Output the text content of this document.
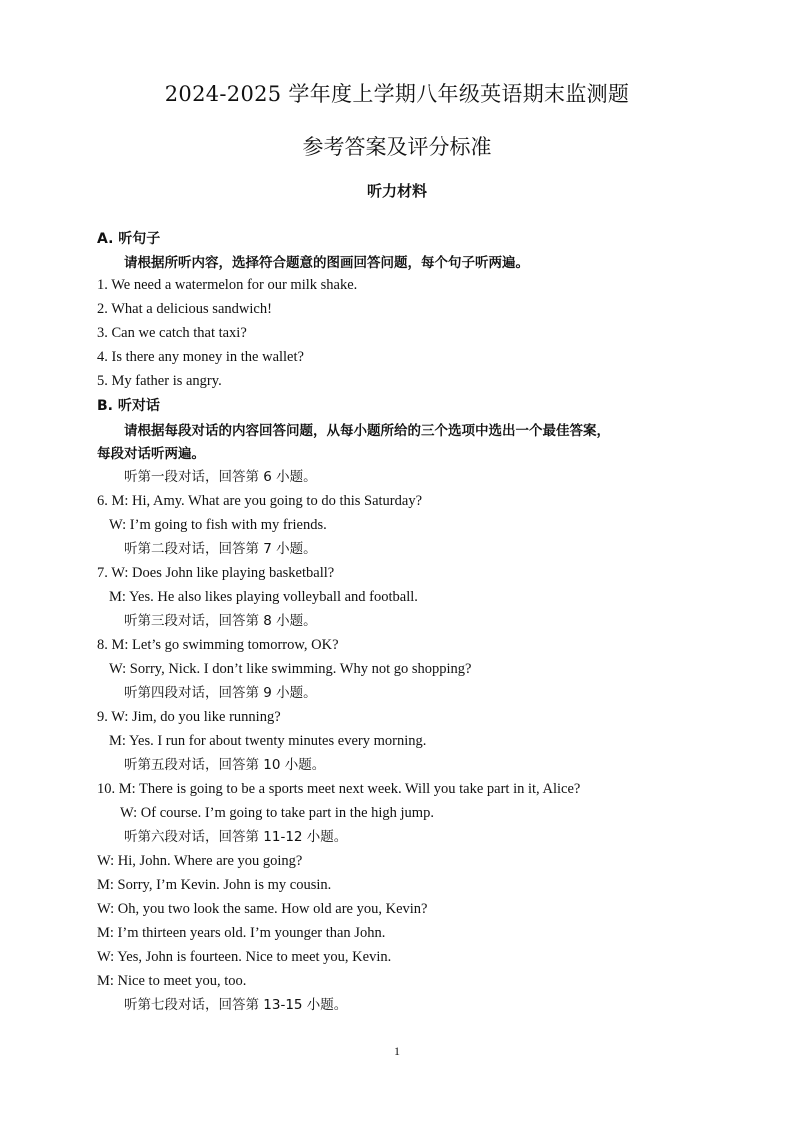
2024-2025 学年度上学期八年级英语期末监测题
参考答案及评分标准
听力材料
A. 听句子
请根据所听内容，选择符合题意的图画回答问题，每个句子听两遍。
1. We need a watermelon for our milk shake.
2. What a delicious sandwich!
3. Can we catch that taxi?
4. Is there any money in the wallet?
5. My father is angry.
B. 听对话
请根据每段对话的内容回答问题，从每小题所给的三个选项中选出一个最佳答案，
每段对话听两遍。
听第一段对话，回答第 6 小题。
6. M: Hi, Amy. What are you going to do this Saturday?
W: I’m going to fish with my friends.
听第二段对话，回答第 7 小题。
7. W: Does John like playing basketball?
M: Yes. He also likes playing volleyball and football.
听第三段对话，回答第 8 小题。
8. M: Let’s go swimming tomorrow, OK?
W: Sorry, Nick. I don’t like swimming. Why not go shopping?
听第四段对话，回答第 9 小题。
9. W: Jim, do you like running?
M: Yes. I run for about twenty minutes every morning.
听第五段对话，回答第 10 小题。
10. M: There is going to be a sports meet next week. Will you take part in it, Alice?
W: Of course. I’m going to take part in the high jump.
听第六段对话，回答第 11-12 小题。
W: Hi, John. Where are you going?
M: Sorry, I’m Kevin. John is my cousin.
W: Oh, you two look the same. How old are you, Kevin?
M: I’m thirteen years old. I’m younger than John.
W: Yes, John is fourteen. Nice to meet you, Kevin.
M: Nice to meet you, too.
听第七段对话，回答第 13-15 小题。
1
